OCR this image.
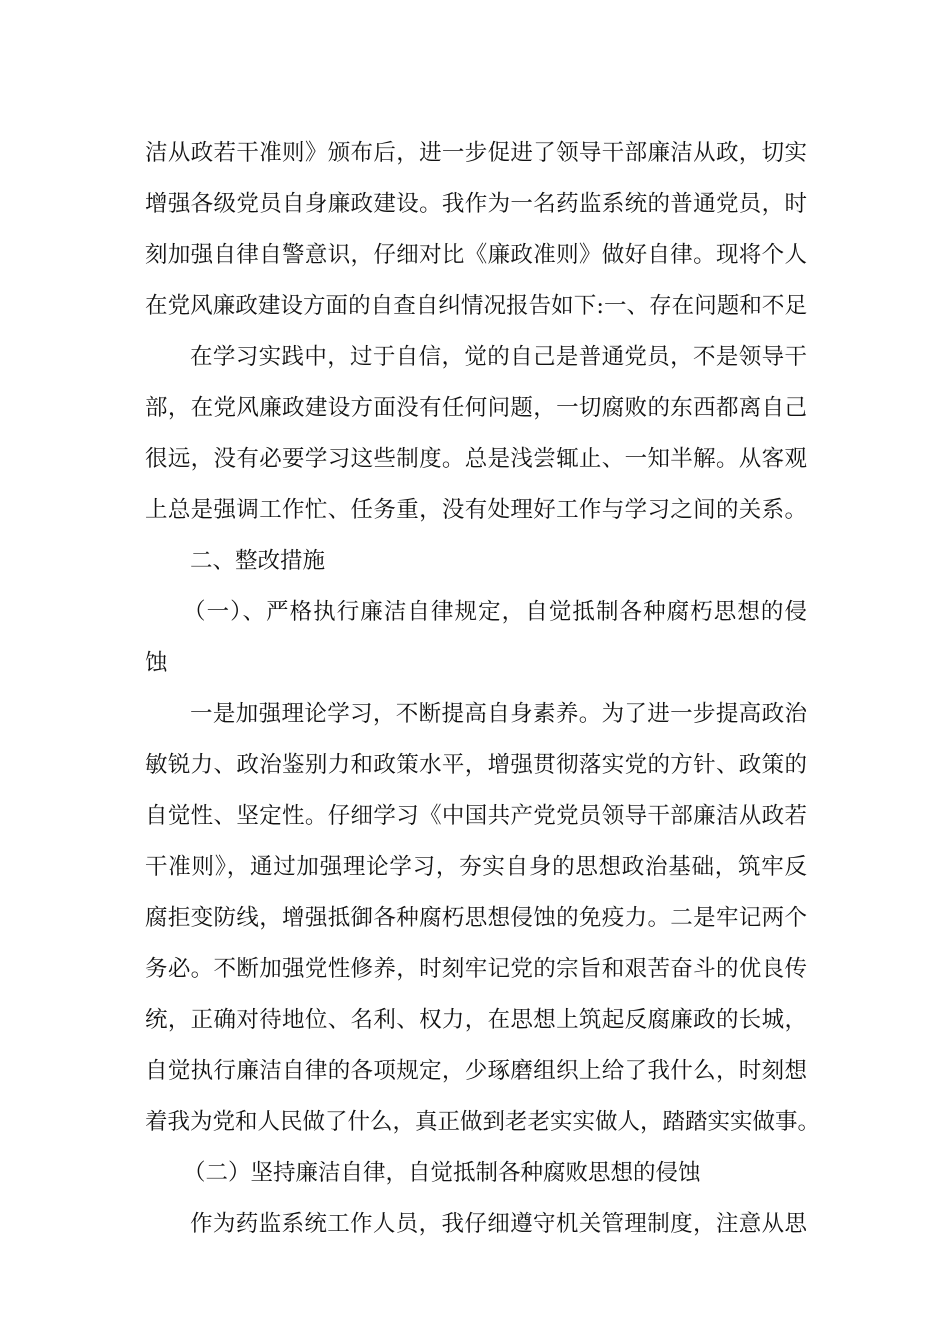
洁从政若干准则》颁布后，进一步促进了领导干部廉洁从政，切实
增强各级党员自身廉政建设。我作为一名药监系统的普通党员，时
刻加强自律自警意识，仔细对比《廉政准则》做好自律。现将个人
在党风廉政建设方面的自查自纠情况报告如下:一、存在问题和不足
在学习实践中，过于自信，觉的自己是普通党员，不是领导干
部，在党风廉政建设方面没有任何问题，一切腐败的东西都离自己
很远，没有必要学习这些制度。总是浅尝辄止、一知半解。从客观
上总是强调工作忙、任务重，没有处理好工作与学习之间的关系。
二、整改措施
（一）、严格执行廉洁自律规定，自觉抵制各种腐朽思想的侵
蚀
一是加强理论学习，不断提高自身素养。为了进一步提高政治
敏锐力、政治鉴别力和政策水平，增强贯彻落实党的方针、政策的
自觉性、坚定性。仔细学习《中国共产党党员领导干部廉洁从政若
干准则》，通过加强理论学习，夯实自身的思想政治基础，筑牢反
腐拒变防线，增强抵御各种腐朽思想侵蚀的免疫力。二是牢记两个
务必。不断加强党性修养，时刻牢记党的宗旨和艰苦奋斗的优良传
统，正确对待地位、名利、权力，在思想上筑起反腐廉政的长城，
自觉执行廉洁自律的各项规定，少琢磨组织上给了我什么，时刻想
着我为党和人民做了什么，真正做到老老实实做人，踏踏实实做事。
（二）坚持廉洁自律，自觉抵制各种腐败思想的侵蚀
作为药监系统工作人员，我仔细遵守机关管理制度，注意从思
